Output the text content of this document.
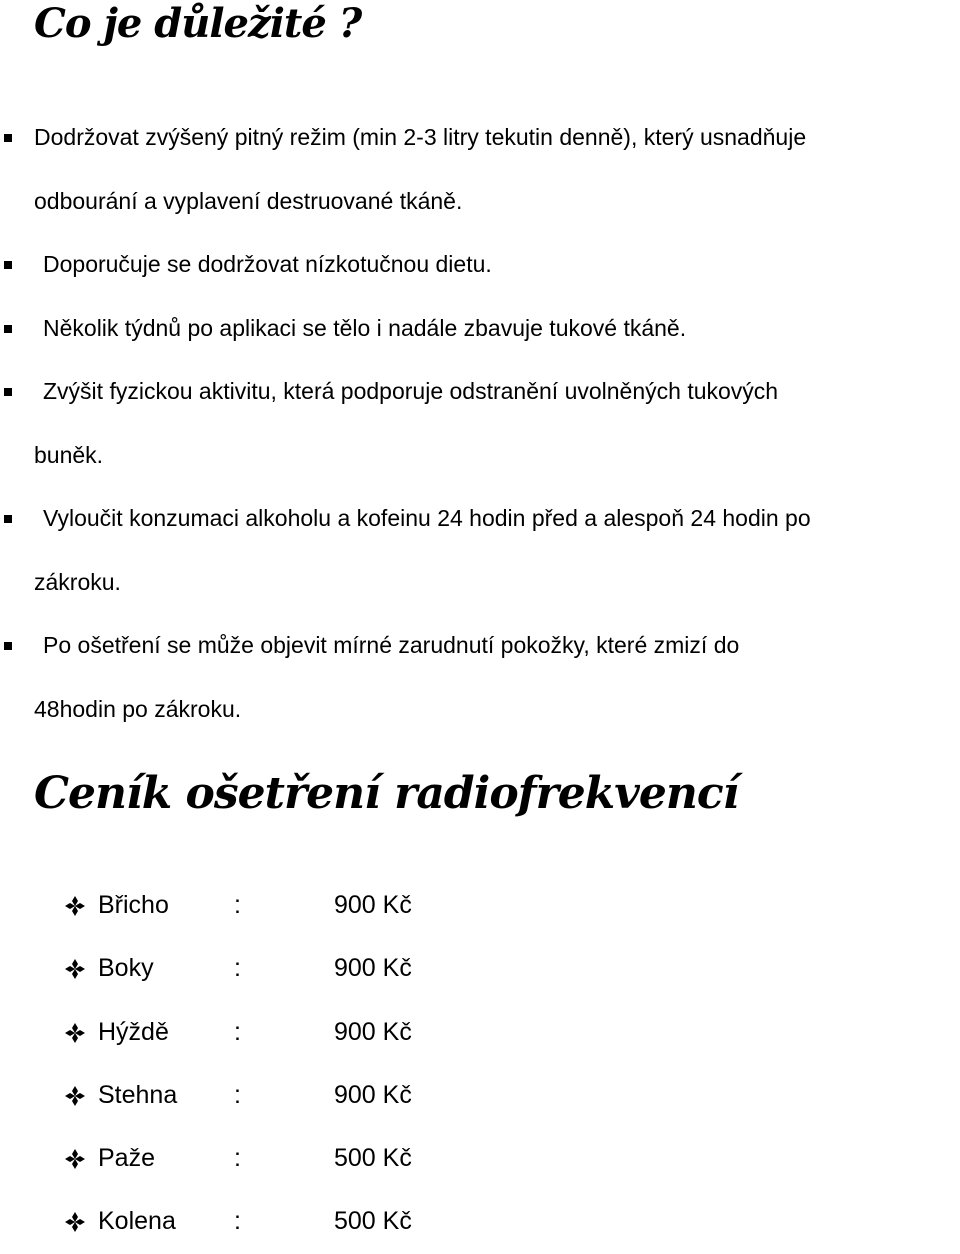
Co je důležité ?
Dodržovat zvýšený pitný režim (min 2-3 litry tekutin denně), který usnadňuje
odbourání a vyplavení destruované tkáně.
Doporučuje se dodržovat nízkotučnou dietu.
Několik týdnů po aplikaci se tělo i nadále zbavuje tukové tkáně.
Zvýšit fyzickou aktivitu, která podporuje odstranění uvolněných tukových
buněk.
Vyloučit konzumaci alkoholu a kofeinu 24 hodin před a alespoň 24 hodin po
zákroku.
Po ošetření se může objevit mírné zarudnutí pokožky, které zmizí do
48hodin po zákroku.
Ceník ošetření radiofrekvencí
Břicho	:	900 Kč
Boky	:	900 Kč
Hýždě	:	900 Kč
Stehna :	900 Kč
Paže	:	500 Kč
Kolena :	500 Kč
